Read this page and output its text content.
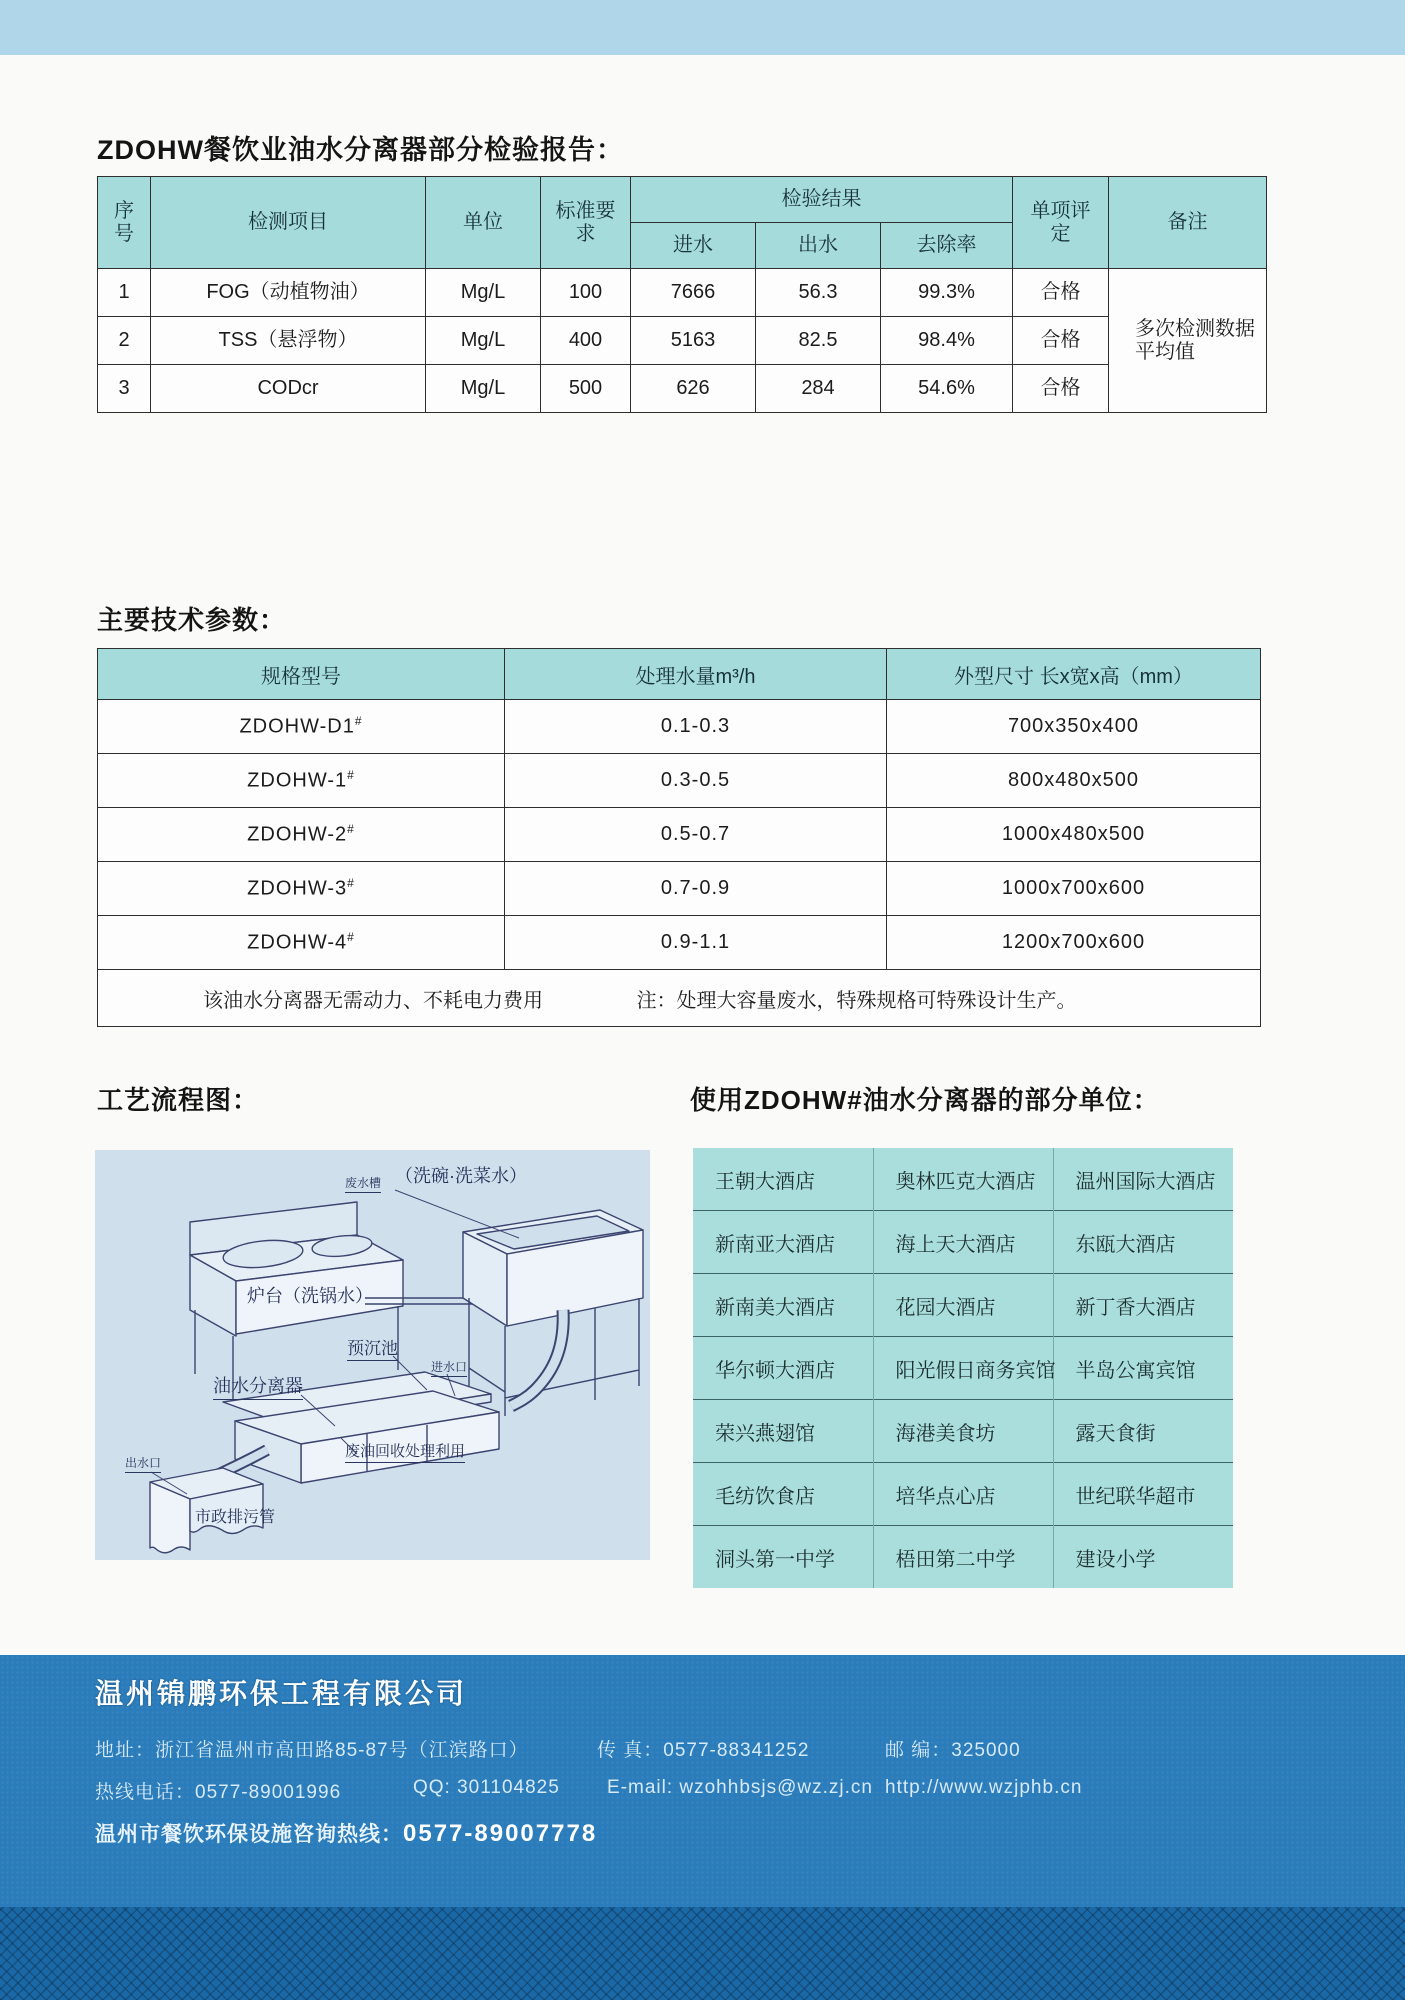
ZDOHW餐饮业油水分离器部分检验报告：
序号	检测项目	单位	标准要求	检验结果			单项评定	备注
				进水	出水	去除率		
1	FOG（动植物油）	Mg/L	100	7666	56.3	99.3%	合格	多次检测数据平均值
2	TSS（悬浮物）	Mg/L	400	5163	82.5	98.4%	合格	
3	CODcr	Mg/L	500	626	284	54.6%	合格	
主要技术参数：
规格型号	处理水量m³/h	外型尺寸 长x宽x高（mm）
ZDOHW-D1#	0.1-0.3	700x350x400
ZDOHW-1#	0.3-0.5	800x480x500
ZDOHW-2#	0.5-0.7	1000x480x500
ZDOHW-3#	0.7-0.9	1000x700x600
ZDOHW-4#	0.9-1.1	1200x700x600
该油水分离器无需动力、不耗电力费用 注：处理大容量废水，特殊规格可特殊设计生产。		
工艺流程图：	使用ZDOHW#油水分离器的部分单位：
废水槽 （洗碗·洗菜水）
炉台（洗锅水）
预沉池
进水口
油水分离器
出水口
废油回收处理利用
市政排污管
王朝大酒店	奥林匹克大酒店	温州国际大酒店
新南亚大酒店	海上天大酒店	东瓯大酒店
新南美大酒店	花园大酒店	新丁香大酒店
华尔顿大酒店	阳光假日商务宾馆	半岛公寓宾馆
荣兴燕翅馆	海港美食坊	露天食街
毛纺饮食店	培华点心店	世纪联华超市
洞头第一中学	梧田第二中学	建设小学
温州锦鹏环保工程有限公司
地址：浙江省温州市高田路85-87号（江滨路口）	传 真：0577-88341252	邮 编：325000
热线电话：0577-89001996	QQ: 301104825 E-mail: wzohhbsjs@wz.zj.cn http://www.wzjphb.cn
温州市餐饮环保设施咨询热线：0577-89007778
